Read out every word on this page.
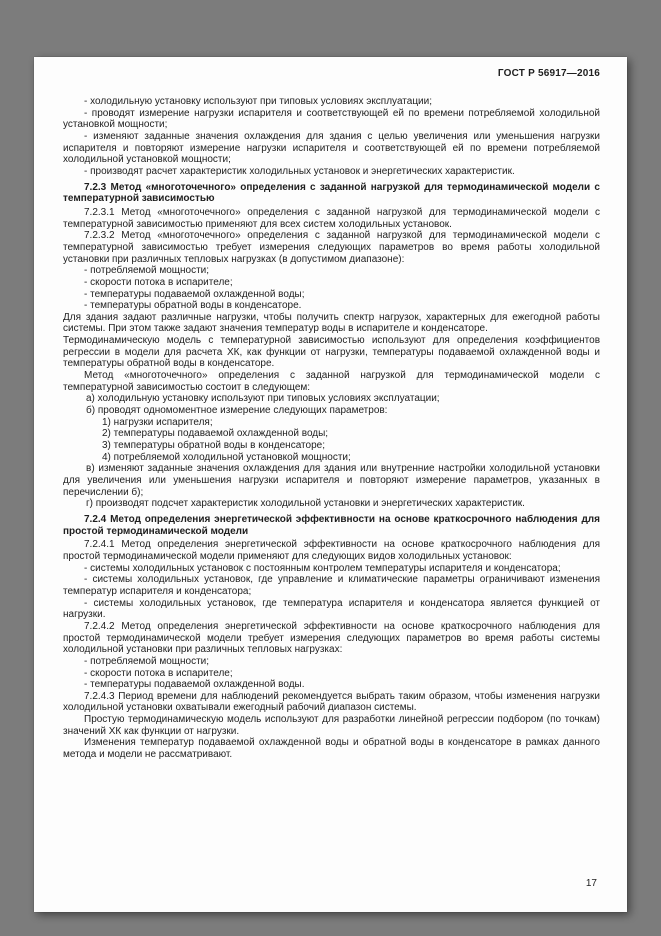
ГОСТ Р 56917—2016

- холодильную установку используют при типовых условиях эксплуатации;

- проводят измерение нагрузки испарителя и соответствующей ей по времени потребляемой холодильной установкой мощности;

- изменяют заданные значения охлаждения для здания с целью увеличения или уменьшения нагрузки испарителя и повторяют измерение нагрузки испарителя и соответствующей ей по времени потребляемой холодильной установкой мощности;

- производят расчет характеристик холодильных установок и энергетических характеристик.

7.2.3 Метод «многоточечного» определения с заданной нагрузкой для термодинамической модели с температурной зависимостью

7.2.3.1 Метод «многоточечного» определения с заданной нагрузкой для термодинамической модели с температурной зависимостью применяют для всех систем холодильных установок.

7.2.3.2 Метод «многоточечного» определения с заданной нагрузкой для термодинамической модели с температурной зависимостью требует измерения следующих параметров во время работы холодильной установки при различных тепловых нагрузках (в допустимом диапазоне):

- потребляемой мощности;

- скорости потока в испарителе;

- температуры подаваемой охлажденной воды;

- температуры обратной воды в конденсаторе.

Для здания задают различные нагрузки, чтобы получить спектр нагрузок, характерных для ежегодной работы системы. При этом также задают значения температур воды в испарителе и конденсаторе.

Термодинамическую модель с температурной зависимостью используют для определения коэффициентов регрессии в модели для расчета ХК, как функции от нагрузки, температуры подаваемой охлажденной воды и температуры обратной воды в конденсаторе.

Метод «многоточечного» определения с заданной нагрузкой для термодинамической модели с температурной зависимостью состоит в следующем:

а) холодильную установку используют при типовых условиях эксплуатации;

б) проводят одномоментное измерение следующих параметров:

1) нагрузки испарителя;

2) температуры подаваемой охлажденной воды;

3) температуры обратной воды в конденсаторе;

4) потребляемой холодильной установкой мощности;

в) изменяют заданные значения охлаждения для здания или внутренние настройки холодильной установки для увеличения или уменьшения нагрузки испарителя и повторяют измерение параметров, указанных в перечислении б);

г) производят подсчет характеристик холодильной установки и энергетических характеристик.

7.2.4 Метод определения энергетической эффективности на основе краткосрочного наблюдения для простой термодинамической модели

7.2.4.1 Метод определения энергетической эффективности на основе краткосрочного наблюдения для простой термодинамической модели применяют для следующих видов холодильных установок:

- системы холодильных установок с постоянным контролем температуры испарителя и конденсатора;

- системы холодильных установок, где управление и климатические параметры ограничивают изменения температур испарителя и конденсатора;

- системы холодильных установок, где температура испарителя и конденсатора является функцией от нагрузки.

7.2.4.2 Метод определения энергетической эффективности на основе краткосрочного наблюдения для простой термодинамической модели требует измерения следующих параметров во время работы системы холодильной установки при различных тепловых нагрузках:

- потребляемой мощности;

- скорости потока в испарителе;

- температуры подаваемой охлажденной воды.

7.2.4.3 Период времени для наблюдений рекомендуется выбрать таким образом, чтобы изменения нагрузки холодильной установки охватывали ежегодный рабочий диапазон системы.

Простую термодинамическую модель используют для разработки линейной регрессии подбором (по точкам) значений ХК как функции от нагрузки.

Изменения температур подаваемой охлажденной воды и обратной воды в конденсаторе в рамках данного метода и модели не рассматривают.

17
